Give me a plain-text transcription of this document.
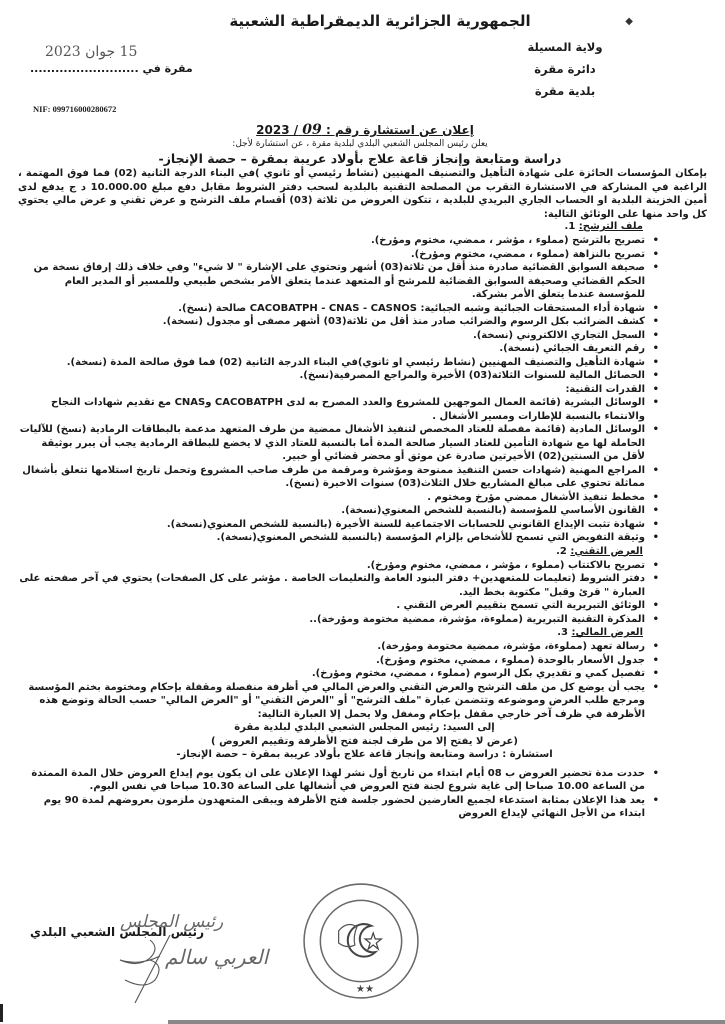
الجمهورية الجزائرية الديمقراطية الشعبية	◆
ولاية المسيلة
دائرة مقرة
بلدية مقرة
15 جوان 2023
مقرة في ..........................
NIF: 099716000280672
إعلان عن استشارة رقم : 09 / 2023
يعلن رئيس المجلس الشعبي البلدي لبلدية مقرة ، عن استشارة لأجل:
دراسة ومتابعة وإنجاز قاعة علاج بأولاد عريبة بمقرة – حصة الإنجاز-
بإمكان المؤسسات الحائزة على شهادة التأهيل والتصنيف المهنيين (نشاط رئيسي أو ثانوي )في البناء الدرجة الثانية (02) فما فوق المهتمة ، الراغبة في المشاركة في الاستشارة التقرب من المصلحة التقنية بالبلدية لسحب دفتر الشروط مقابل دفع مبلغ 10.000.00 د ج يدفع لدى أمين الخزينة البلدية او الحساب الجاري البريدي للبلدية ، تتكون العروض من ثلاثة (03) أقسام ملف الترشح و عرض تقني و عرض مالي يحتوي كل واحد منها على الوثائق التالية:
ملف الترشح: 1.
• تصريح بالترشح (مملوء ، مؤشر ، ممضي، مختوم ومؤرخ).
• تصريح بالنزاهة (مملوء ، ممضي، مختوم ومؤرخ).
• صحيفة السوابق القضائية صادرة منذ أقل من ثلاثة(03) أشهر وتحتوي على الإشارة " لا شيء" وفي خلاف ذلك إرفاق نسخة من الحكم القضائي وصحيفة السوابق القضائية للمرشح أو المتعهد عندما يتعلق الأمر بشخص طبيعي وللمسير أو المدير العام للمؤسسة عندما يتعلق الأمر بشركة.
• شهادة أداء المستحقات الجبائية وشبه الجبائية: CACOBATPH - CNAS - CASNOS صالحة (نسخ).
• كشف الضرائب بكل الرسوم والضرائب صادر منذ أقل من ثلاثة(03) أشهر مصفى أو مجدول (نسخة).
• السجل التجاري الالكتروني (نسخة).
• رقم التعريف الجبائي (نسخة).
• شهادة التأهيل والتصنيف المهنيين (نشاط رئيسي او ثانوي)في البناء الدرجة الثانية (02) فما فوق صالحة المدة (نسخة).
• الحصائل المالية للسنوات الثلاثة(03) الأخيرة والمراجع المصرفية(نسخ).
• القدرات التقنية:
• الوسائل البشرية (قائمة العمال الموجهين للمشروع والعدد المصرح به لدى CACOBATPH وCNAS مع تقديم شهادات النجاح والانتماء بالنسبة للإطارات ومسير الأشغال .
• الوسائل المادية (قائمة مفصلة للعتاد المخصص لتنفيذ الأشغال ممضية من طرف المتعهد مدعمة بالبطاقات الرمادية (نسخ) للآليات الحاملة لها مع شهادة التأمين للعتاد السيار صالحة المدة أما بالنسبة للعتاد الذي لا يخضع للبطاقة الرمادية يجب أن يبرر بوثيقة لأقل من السنتين(02) الأخيرتين صادرة عن موثق أو محضر قضائي أو خبير.
• المراجع المهنية (شهادات حسن التنفيذ ممنوحة ومؤشرة ومرقمة من طرف صاحب المشروع وتحمل تاريخ استلامها تتعلق بأشغال مماثلة تحتوي على مبالغ المشاريع خلال الثلاث(03) سنوات الاخيرة (نسخ).
• مخطط تنفيذ الأشغال ممضي مؤرخ ومختوم .
• القانون الأساسي للمؤسسة (بالنسبة للشخص المعنوي(نسخة).
• شهادة تثبت الإيداع القانوني للحسابات الاجتماعية للسنة الأخيرة (بالنسبة للشخص المعنوي(نسخة).
• وثيقة التفويض التي تسمح للأشخاص بإلزام المؤسسة (بالنسبة للشخص المعنوي(نسخة).
العرض التقني: 2.
• تصريح بالاكتتاب (مملوء ، مؤشر ، ممضي، مختوم ومؤرخ).
• دفتر الشروط (تعليمات للمتعهدين+ دفتر البنود العامة والتعليمات الخاصة . مؤشر على كل الصفحات) يحتوي في آخر صفحته على العبارة " قرئ وقبل" مكتوبة بخط اليد.
• الوثائق التبريرية التي تسمح بتقييم العرض التقني .
• المذكرة التقنية التبريرية (مملوءة، مؤشرة، ممضية مختومة ومؤرخة)..
العرض المالي: 3.
• رسالة تعهد (مملوءة، مؤشرة، ممضية مختومة ومؤرخة).
• جدول الأسعار بالوحدة (مملوء ، ممضي، مختوم ومؤرخ).
• تفصيل كمي و تقديري بكل الرسوم (مملوء ، ممضي، مختوم ومؤرخ).
• يجب أن يوضع كل من ملف الترشح والعرض التقني والعرض المالي في أظرفة منفصلة ومقفلة بإحكام ومختومة بختم المؤسسة ومرجع طلب العرض وموضوعه وتتضمن عبارة "ملف الترشح" أو "العرض التقني" أو "العرض المالي" حسب الحالة وتوضع هذه الأظرفة في ظرف آخر خارجي مقفل بإحكام ومغفل ولا يحمل إلا العبارة التالية:
إلى السيد: رئيس المجلس الشعبي البلدي لبلدية مقرة
(عرض لا يفتح إلا من طرف لجنة فتح الأظرفة وتقييم العروض )
استشارة : دراسة ومتابعة وإنجاز قاعة علاج بأولاد عريبة بمقرة – حصة الإنجاز-
• حددت مدة تحضير العروض ب 08 أيام ابتداء من تاريخ أول نشر لهذا الإعلان على ان يكون يوم إيداع العروض خلال المدة الممتدة من الساعة 10.00 صباحا إلى غاية شروع لجنة فتح العروض في أشغالها على الساعة 10.30 صباحا في نفس اليوم.
• يعد هذا الإعلان بمثابة استدعاء لجميع العارضين لحضور جلسة فتح الأظرفة ويبقى المتعهدون ملزمون بعروضهم لمدة 90 يوم ابتداء من الأجل النهائي لإيداع العروض
★★
رئيس المجلس الشعبي البلدي
رئيس المجلس
العربي سالم
